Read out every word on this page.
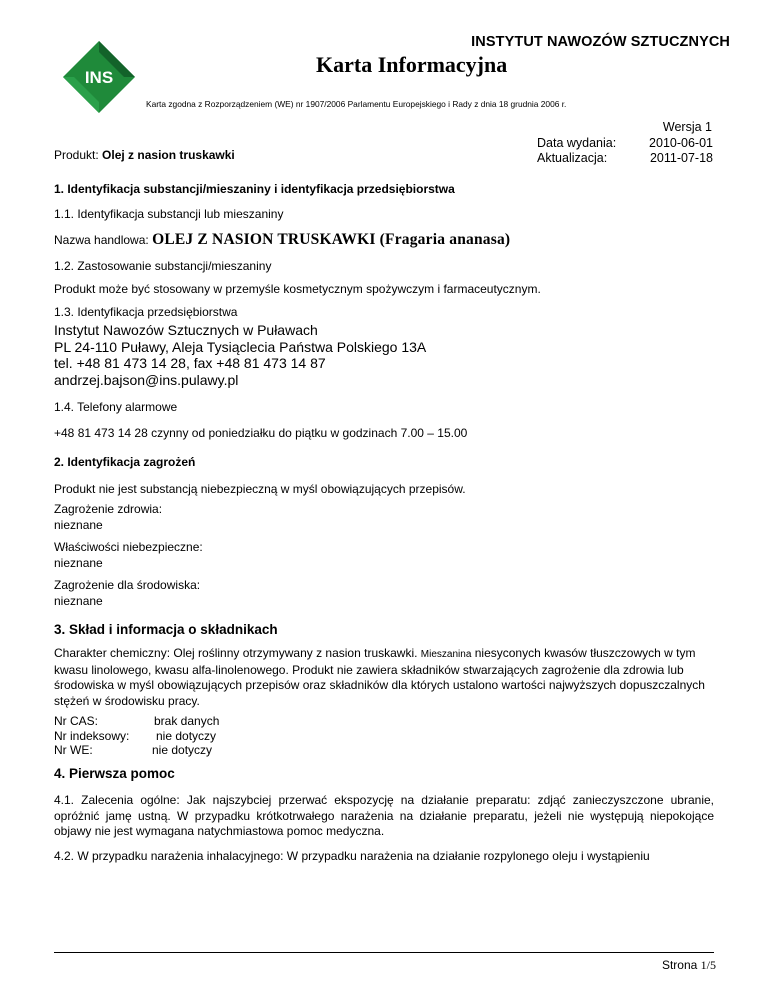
INS
INSTYTUT NAWOZÓW SZTUCZNYCH
Karta Informacyjna
Karta zgodna z Rozporządzeniem (WE) nr 1907/2006 Parlamentu Europejskiego i Rady z dnia 18 grudnia 2006 r.
Wersja 1
Data wydania:	2010-06-01
Aktualizacja:	2011-07-18
Produkt: Olej z nasion truskawki
1. Identyfikacja substancji/mieszaniny i identyfikacja przedsiębiorstwa
1.1. Identyfikacja substancji lub mieszaniny
Nazwa handlowa: OLEJ Z NASION TRUSKAWKI (Fragaria ananasa)
1.2. Zastosowanie substancji/mieszaniny
Produkt może być stosowany w przemyśle kosmetycznym spożywczym i farmaceutycznym.
1.3. Identyfikacja przedsiębiorstwa
Instytut Nawozów Sztucznych w Puławach
PL 24-110 Puławy, Aleja Tysiąclecia Państwa Polskiego 13A
tel. +48 81 473 14 28, fax +48 81 473 14 87
andrzej.bajson@ins.pulawy.pl
1.4. Telefony alarmowe
+48 81 473 14 28 czynny od poniedziałku do piątku w godzinach 7.00 – 15.00
2. Identyfikacja zagrożeń
Produkt nie jest substancją niebezpieczną w myśl obowiązujących przepisów.
Zagrożenie zdrowia:
nieznane
Właściwości niebezpieczne:
nieznane
Zagrożenie dla środowiska:
nieznane
3. Skład i informacja o składnikach
Charakter chemiczny: Olej roślinny otrzymywany z nasion truskawki. Mieszanina niesyconych kwasów tłuszczowych w tym kwasu linolowego, kwasu alfa-linolenowego. Produkt nie zawiera składników stwarzających zagrożenie dla zdrowia lub środowiska w myśl obowiązujących przepisów oraz składników dla których ustalono wartości najwyższych dopuszczalnych stężeń w środowisku pracy.
Nr CAS:	brak danych
Nr indeksowy: nie dotyczy
Nr WE:	nie dotyczy
4. Pierwsza pomoc
4.1. Zalecenia ogólne: Jak najszybciej przerwać ekspozycję na działanie preparatu: zdjąć zanieczyszczone ubranie, opróżnić jamę ustną. W przypadku krótkotrwałego narażenia na działanie preparatu, jeżeli nie występują niepokojące objawy nie jest wymagana natychmiastowa pomoc medyczna.
4.2. W przypadku narażenia inhalacyjnego: W przypadku narażenia na działanie rozpylonego oleju i wystąpieniu
Strona 1/5
